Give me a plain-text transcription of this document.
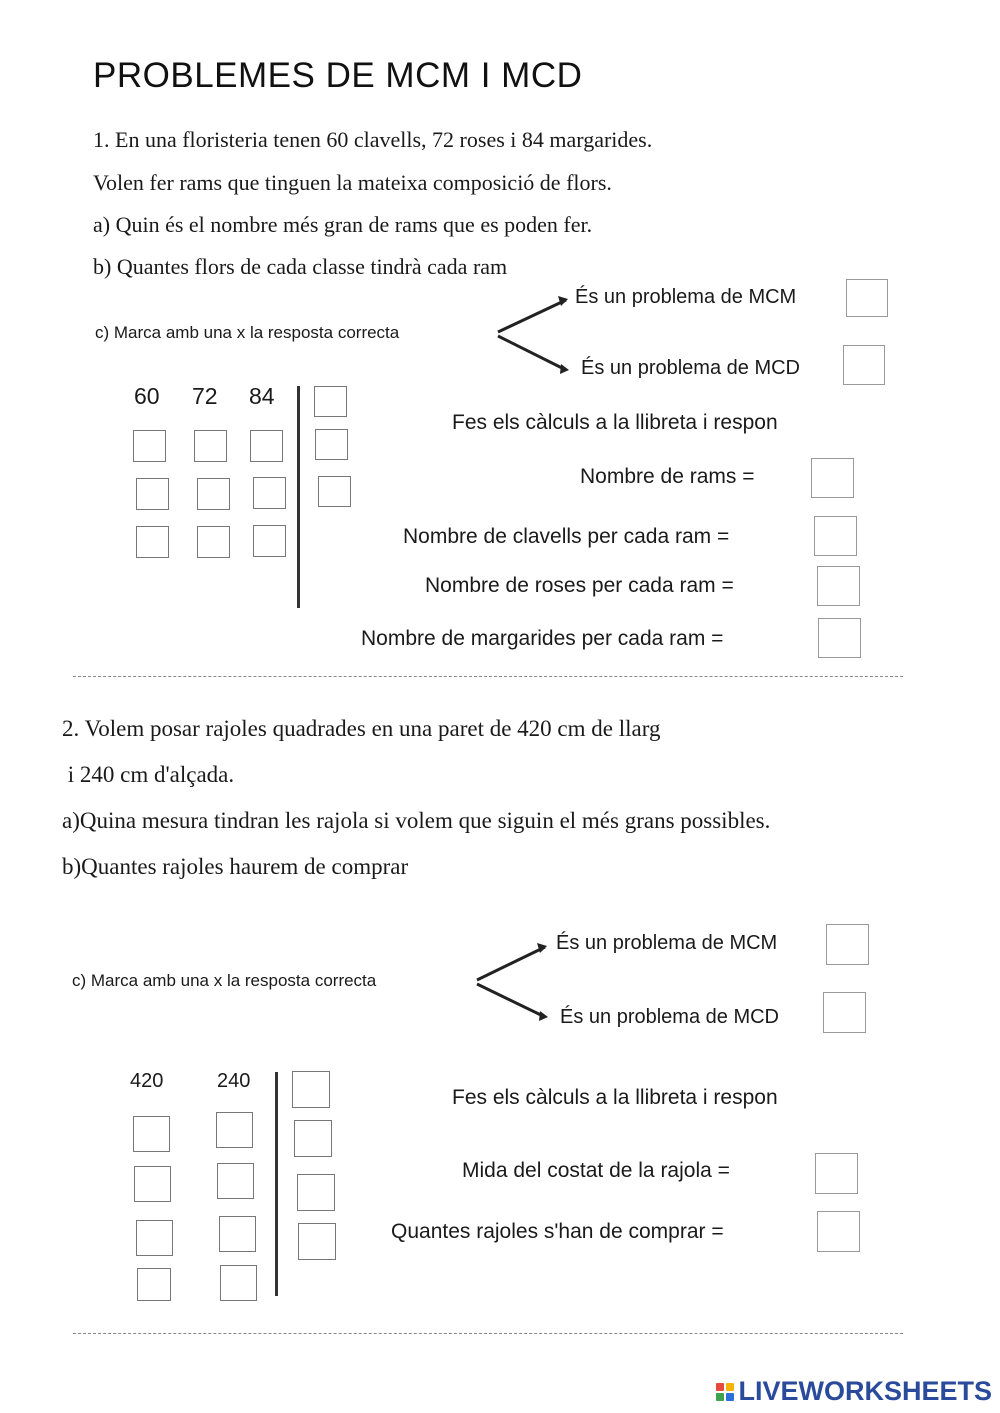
PROBLEMES DE MCM I MCD
1. En una floristeria tenen 60 clavells, 72 roses i 84 margarides.
Volen fer rams que tinguen la mateixa composició de flors.
a) Quin és el nombre més gran de rams que es poden fer.
b) Quantes flors de cada classe tindrà cada ram
c) Marca amb una x la resposta correcta
És un problema de MCM
És un problema de MCD
60 72 84
Fes els càlculs a la llibreta i respon
Nombre de rams =
Nombre de clavells per cada ram =
Nombre de roses per cada ram =
Nombre de margarides per cada ram =
2. Volem posar rajoles quadrades en una paret de 420 cm de llarg
i 240 cm d'alçada.
a)Quina mesura tindran les rajola si volem que siguin el més grans possibles.
b)Quantes rajoles haurem de comprar
c) Marca amb una x la resposta correcta
És un problema de MCM
És un problema de MCD
420	240
Fes els càlculs a la llibreta i respon
Mida del costat de la rajola =
Quantes rajoles s'han de comprar =
LIVEWORKSHEETS
